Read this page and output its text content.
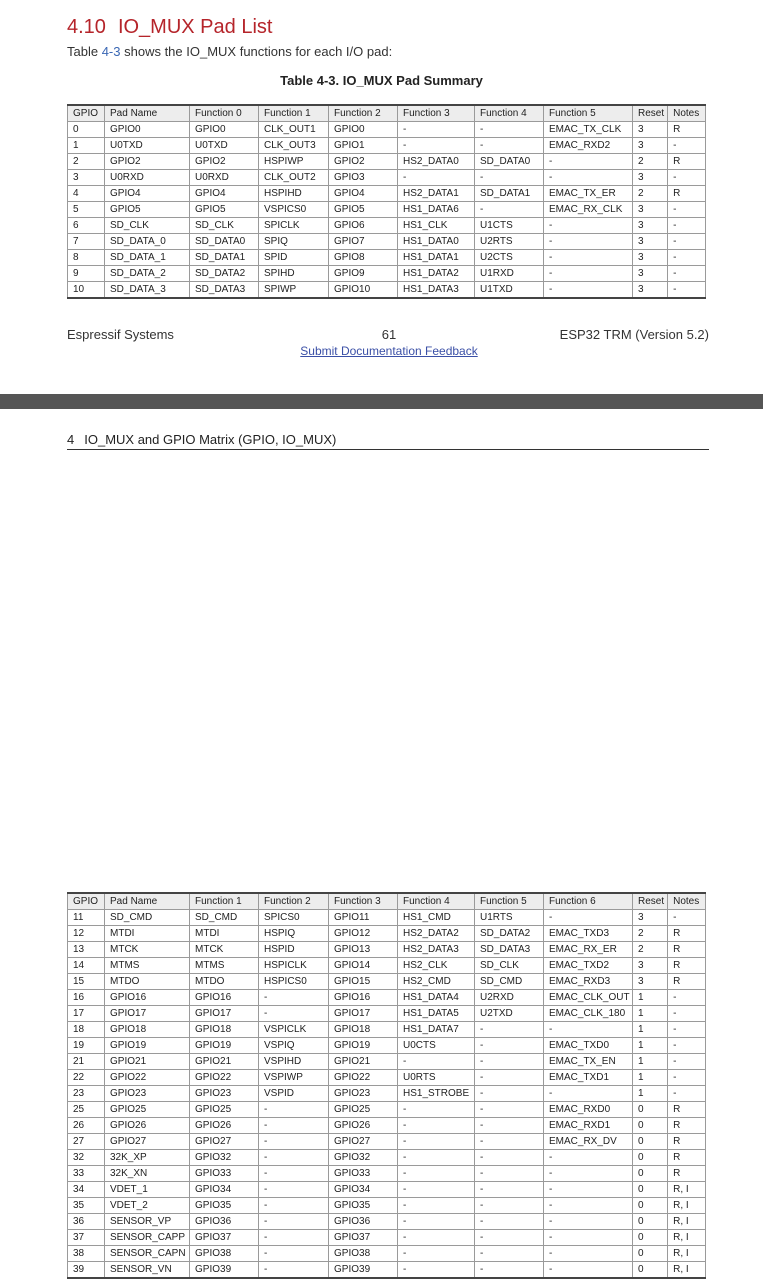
4.10 IO_MUX Pad List
Table 4-3 shows the IO_MUX functions for each I/O pad:
Table 4-3. IO_MUX Pad Summary
GPIO	Pad Name	Function 0	Function 1	Function 2	Function 3	Function 4	Function 5	Reset	Notes
0	GPIO0	GPIO0	CLK_OUT1	GPIO0	-	-	EMAC_TX_CLK	3	R
1	U0TXD	U0TXD	CLK_OUT3	GPIO1	-	-	EMAC_RXD2	3	-
2	GPIO2	GPIO2	HSPIWP	GPIO2	HS2_DATA0	SD_DATA0	-	2	R
3	U0RXD	U0RXD	CLK_OUT2	GPIO3	-	-	-	3	-
4	GPIO4	GPIO4	HSPIHD	GPIO4	HS2_DATA1	SD_DATA1	EMAC_TX_ER	2	R
5	GPIO5	GPIO5	VSPICS0	GPIO5	HS1_DATA6	-	EMAC_RX_CLK	3	-
6	SD_CLK	SD_CLK	SPICLK	GPIO6	HS1_CLK	U1CTS	-	3	-
7	SD_DATA_0	SD_DATA0	SPIQ	GPIO7	HS1_DATA0	U2RTS	-	3	-
8	SD_DATA_1	SD_DATA1	SPID	GPIO8	HS1_DATA1	U2CTS	-	3	-
9	SD_DATA_2	SD_DATA2	SPIHD	GPIO9	HS1_DATA2	U1RXD	-	3	-
10	SD_DATA_3	SD_DATA3	SPIWP	GPIO10	HS1_DATA3	U1TXD	-	3	-
Espressif Systems	61	ESP32 TRM (Version 5.2)
Submit Documentation Feedback
4 IO_MUX and GPIO Matrix (GPIO, IO_MUX)
GPIO	Pad Name	Function 1	Function 2	Function 3	Function 4	Function 5	Function 6	Reset	Notes
11	SD_CMD	SD_CMD	SPICS0	GPIO11	HS1_CMD	U1RTS	-	3	-
12	MTDI	MTDI	HSPIQ	GPIO12	HS2_DATA2	SD_DATA2	EMAC_TXD3	2	R
13	MTCK	MTCK	HSPID	GPIO13	HS2_DATA3	SD_DATA3	EMAC_RX_ER	2	R
14	MTMS	MTMS	HSPICLK	GPIO14	HS2_CLK	SD_CLK	EMAC_TXD2	3	R
15	MTDO	MTDO	HSPICS0	GPIO15	HS2_CMD	SD_CMD	EMAC_RXD3	3	R
16	GPIO16	GPIO16	-	GPIO16	HS1_DATA4	U2RXD	EMAC_CLK_OUT	1	-
17	GPIO17	GPIO17	-	GPIO17	HS1_DATA5	U2TXD	EMAC_CLK_180	1	-
18	GPIO18	GPIO18	VSPICLK	GPIO18	HS1_DATA7	-	-	1	-
19	GPIO19	GPIO19	VSPIQ	GPIO19	U0CTS	-	EMAC_TXD0	1	-
21	GPIO21	GPIO21	VSPIHD	GPIO21	-	-	EMAC_TX_EN	1	-
22	GPIO22	GPIO22	VSPIWP	GPIO22	U0RTS	-	EMAC_TXD1	1	-
23	GPIO23	GPIO23	VSPID	GPIO23	HS1_STROBE	-	-	1	-
25	GPIO25	GPIO25	-	GPIO25	-	-	EMAC_RXD0	0	R
26	GPIO26	GPIO26	-	GPIO26	-	-	EMAC_RXD1	0	R
27	GPIO27	GPIO27	-	GPIO27	-	-	EMAC_RX_DV	0	R
32	32K_XP	GPIO32	-	GPIO32	-	-	-	0	R
33	32K_XN	GPIO33	-	GPIO33	-	-	-	0	R
34	VDET_1	GPIO34	-	GPIO34	-	-	-	0	R, I
35	VDET_2	GPIO35	-	GPIO35	-	-	-	0	R, I
36	SENSOR_VP	GPIO36	-	GPIO36	-	-	-	0	R, I
37	SENSOR_CAPP	GPIO37	-	GPIO37	-	-	-	0	R, I
38	SENSOR_CAPN	GPIO38	-	GPIO38	-	-	-	0	R, I
39	SENSOR_VN	GPIO39	-	GPIO39	-	-	-	0	R, I
